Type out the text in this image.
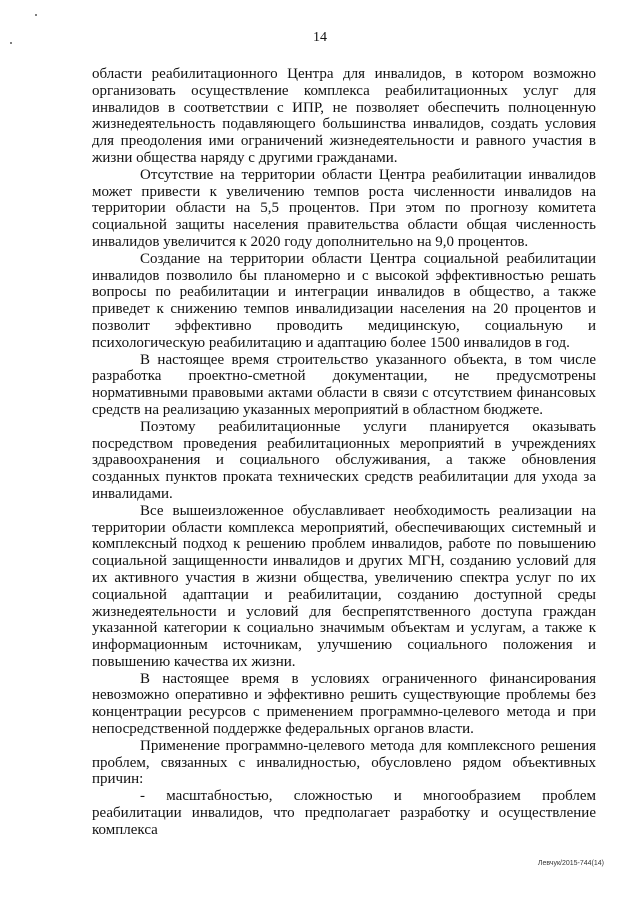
14

области реабилитационного Центра для инвалидов, в котором возможно организовать осуществление комплекса реабилитационных услуг для инвалидов в соответствии с ИПР, не позволяет обеспечить полноценную жизнедеятельность подавляющего большинства инвалидов, создать условия для преодоления ими ограничений жизнедеятельности и равного участия в жизни общества наряду с другими гражданами.

Отсутствие на территории области Центра реабилитации инвалидов может привести к увеличению темпов роста численности инвалидов на территории области на 5,5 процентов. При этом по прогнозу комитета социальной защиты населения правительства области общая численность инвалидов увеличится к 2020 году дополнительно на 9,0 процентов.

Создание на территории области Центра социальной реабилитации инвалидов позволило бы планомерно и с высокой эффективностью решать вопросы по реабилитации и интеграции инвалидов в общество, а также приведет к снижению темпов инвалидизации населения на 20 процентов и позволит эффективно проводить медицинскую, социальную и психологическую реабилитацию и адаптацию более 1500 инвалидов в год.

В настоящее время строительство указанного объекта, в том числе разработка проектно-сметной документации, не предусмотрены нормативными правовыми актами области в связи с отсутствием финансовых средств на реализацию указанных мероприятий в областном бюджете.

Поэтому реабилитационные услуги планируется оказывать посредством проведения реабилитационных мероприятий в учреждениях здравоохранения и социального обслуживания, а также обновления созданных пунктов проката технических средств реабилитации для ухода за инвалидами.

Все вышеизложенное обуславливает необходимость реализации на территории области комплекса мероприятий, обеспечивающих системный и комплексный подход к решению проблем инвалидов, работе по повышению социальной защищенности инвалидов и других МГН, созданию условий для их активного участия в жизни общества, увеличению спектра услуг по их социальной адаптации и реабилитации, созданию доступной среды жизнедеятельности и условий для беспрепятственного доступа граждан указанной категории к социально значимым объектам и услугам, а также к информационным источникам, улучшению социального положения и повышению качества их жизни.

В настоящее время в условиях ограниченного финансирования невозможно оперативно и эффективно решить существующие проблемы без концентрации ресурсов с применением программно-целевого метода и при непосредственной поддержке федеральных органов власти.

Применение программно-целевого метода для комплексного решения проблем, связанных с инвалидностью, обусловлено рядом объективных причин:

- масштабностью, сложностью и многообразием проблем реабилитации инвалидов, что предполагает разработку и осуществление комплекса

Левчук/2015-744(14)
